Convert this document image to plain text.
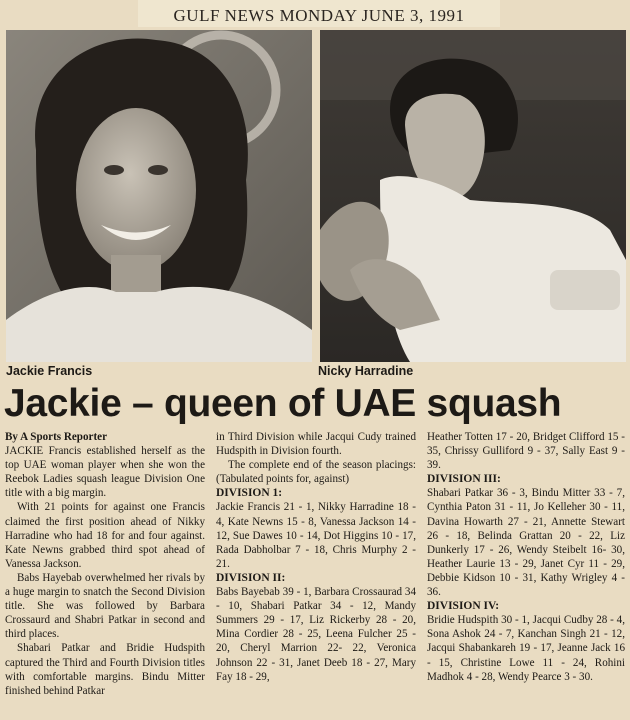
GULF NEWS MONDAY JUNE 3, 1991
Jackie Francis	Nicky Harradine
Jackie – queen of UAE squash

By A Sports Reporter

JACKIE Francis established herself as the top UAE woman player when she won the Reebok Ladies squash league Division One title with a big margin.

With 21 points for against one Francis claimed the first position ahead of Nikky Harradine who had 18 for and four against. Kate Newns grabbed third spot ahead of Vanessa Jackson.

Babs Hayebab overwhelmed her rivals by a huge margin to snatch the Second Division title. She was followed by Barbara Crossaurd and Shabri Patkar in second and third places.

Shabari Patkar and Bridie Hudspith captured the Third and Fourth Division titles with comfortable margins. Bindu Mitter finished behind Patkar

in Third Division while Jacqui Cudy trained Hudspith in Division fourth.

The complete end of the season placings: (Tabulated points for, against)

DIVISION 1:

Jackie Francis 21 - 1, Nikky Harradine 18 - 4, Kate Newns 15 - 8, Vanessa Jackson 14 - 12, Sue Dawes 10 - 14, Dot Higgins 10 - 17, Rada Dabholbar 7 - 18, Chris Murphy 2 - 21.

DIVISION II:

Babs Bayebab 39 - 1, Barbara Crossaurad 34 - 10, Shabari Patkar 34 - 12, Mandy Summers 29 - 17, Liz Rickerby 28 - 20, Mina Cordier 28 - 25, Leena Fulcher 25 - 20, Cheryl Marrion 22- 22, Veronica Johnson 22 - 31, Janet Deeb 18 - 27, Mary Fay 18 - 29,

Heather Totten 17 - 20, Bridget Clifford 15 - 35, Chrissy Gulliford 9 - 37, Sally East 9 - 39.

DIVISION III:

Shabari Patkar 36 - 3, Bindu Mitter 33 - 7, Cynthia Paton 31 - 11, Jo Kelleher 30 - 11, Davina Howarth 27 - 21, Annette Stewart 26 - 18, Belinda Grattan 20 - 22, Liz Dunkerly 17 - 26, Wendy Steibelt 16- 30, Heather Laurie 13 - 29, Janet Cyr 11 - 29, Debbie Kidson 10 - 31, Kathy Wrigley 4 - 36.

DIVISION IV:

Bridie Hudspith 30 - 1, Jacqui Cudby 28 - 4, Sona Ashok 24 - 7, Kanchan Singh 21 - 12, Jacqui Shabankareh 19 - 17, Jeanne Jack 16 - 15, Christine Lowe 11 - 24, Rohini Madhok 4 - 28, Wendy Pearce 3 - 30.
